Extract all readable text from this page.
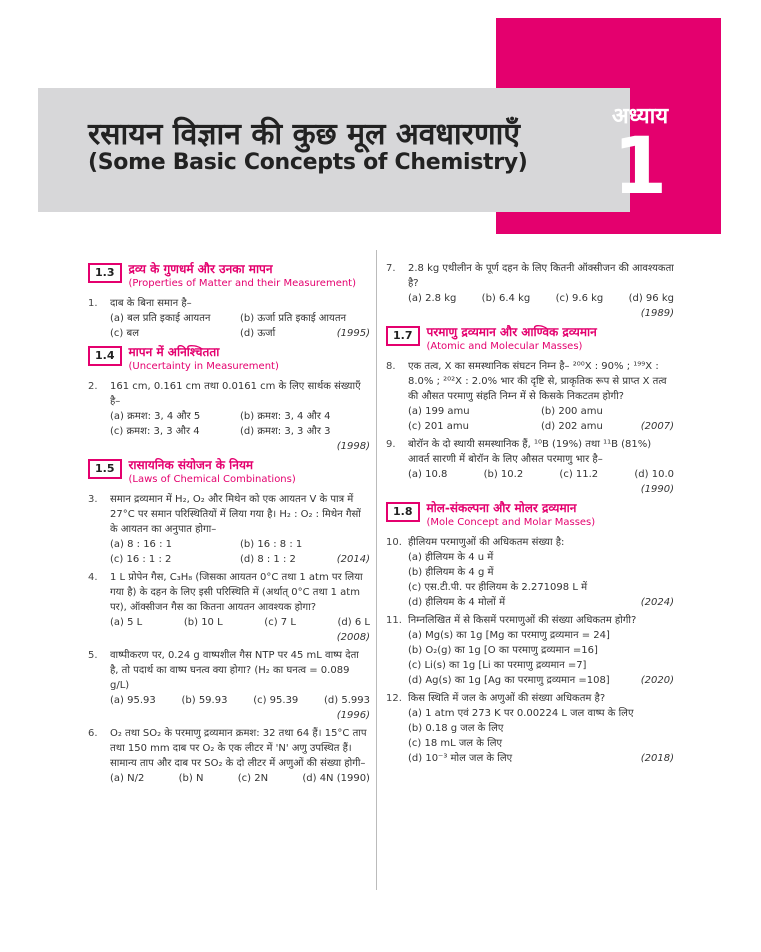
अध्याय
1
रसायन विज्ञान की कुछ मूल अवधारणाएँ
(Some Basic Concepts of Chemistry)
1.3	द्रव्य के गुणधर्म और उनका मापन
(Properties of Matter and their Measurement)
1.	दाब के बिना समान है–
(a) बल प्रति इकाई आयतन	(b) ऊर्जा प्रति इकाई आयतन
(c) बल	(d) ऊर्जा	(1995)
1.4	मापन में अनिश्चितता
(Uncertainty in Measurement)
2.	161 cm, 0.161 cm तथा 0.0161 cm के लिए सार्थक संख्याएँ है–
(a) क्रमश: 3, 4 और 5	(b) क्रमश: 3, 4 और 4
(c) क्रमश: 3, 3 और 4	(d) क्रमश: 3, 3 और 3
(1998)
1.5	रासायनिक संयोजन के नियम
(Laws of Chemical Combinations)
3.	समान द्रव्यमान में H₂, O₂ और मिथेन को एक आयतन V के पात्र में 27°C पर समान परिस्थितियों में लिया गया है। H₂ : O₂ : मिथेन गैसों के आयतन का अनुपात होगा–
(a) 8 : 16 : 1	(b) 16 : 8 : 1
(c) 16 : 1 : 2	(d) 8 : 1 : 2	(2014)
4.	1 L प्रोपेन गैस, C₃H₈ (जिसका आयतन 0°C तथा 1 atm पर लिया गया है) के दहन के लिए इसी परिस्थिति में (अर्थात् 0°C तथा 1 atm पर), ऑक्सीजन गैस का कितना आयतन आवश्यक होगा?
(a) 5 L	(b) 10 L	(c) 7 L	(d) 6 L
(2008)
5.	वाष्पीकरण पर, 0.24 g वाष्पशील गैस NTP पर 45 mL वाष्प देता है, तो पदार्थ का वाष्प घनत्व क्या होगा? (H₂ का घनत्व = 0.089 g/L)
(a) 95.93	(b) 59.93	(c) 95.39	(d) 5.993
(1996)
6.	O₂ तथा SO₂ के परमाणु द्रव्यमान क्रमश: 32 तथा 64 हैं। 15°C ताप तथा 150 mm दाब पर O₂ के एक लीटर में 'N' अणु उपस्थित हैं। सामान्य ताप और दाब पर SO₂ के दो लीटर में अणुओं की संख्या होगी–
(a) N/2	(b) N	(c) 2N	(d) 4N (1990)
7.	2.8 kg एथीलीन के पूर्ण दहन के लिए कितनी ऑक्सीजन की आवश्यकता है?
(a) 2.8 kg	(b) 6.4 kg	(c) 9.6 kg	(d) 96 kg
(1989)
1.7	परमाणु द्रव्यमान और आण्विक द्रव्यमान
(Atomic and Molecular Masses)
8.	एक तत्व, X का समस्थानिक संघटन निम्न है– ²⁰⁰X : 90% ; ¹⁹⁹X : 8.0% ; ²⁰²X : 2.0% भार की दृष्टि से, प्राकृतिक रूप से प्राप्त X तत्व की औसत परमाणु संहति निम्न में से किसके निकटतम होगी?
(a) 199 amu	(b) 200 amu
(c) 201 amu	(d) 202 amu	(2007)
9.	बोरॉन के दो स्थायी समस्थानिक हैं, ¹⁰B (19%) तथा ¹¹B (81%) आवर्त सारणी में बोरॉन के लिए औसत परमाणु भार है–
(a) 10.8	(b) 10.2	(c) 11.2	(d) 10.0
(1990)
1.8	मोल-संकल्पना और मोलर द्रव्यमान
(Mole Concept and Molar Masses)
10. हीलियम परमाणुओं की अधिकतम संख्या है:
(a) हीलियम के 4 u में
(b) हीलियम के 4 g में
(c) एस.टी.पी. पर हीलियम के 2.271098 L में
(d) हीलियम के 4 मोलों में	(2024)
11. निम्नलिखित में से किसमें परमाणुओं की संख्या अधिकतम होगी?
(a) Mg(s) का 1g [Mg का परमाणु द्रव्यमान = 24]
(b) O₂(g) का 1g [O का परमाणु द्रव्यमान =16]
(c) Li(s) का 1g [Li का परमाणु द्रव्यमान =7]
(d) Ag(s) का 1g [Ag का परमाणु द्रव्यमान =108]	(2020)
12. किस स्थिति में जल के अणुओं की संख्या अधिकतम है?
(a) 1 atm एवं 273 K पर 0.00224 L जल वाष्प के लिए
(b) 0.18 g जल के लिए
(c) 18 mL जल के लिए
(d) 10⁻³ मोल जल के लिए	(2018)
